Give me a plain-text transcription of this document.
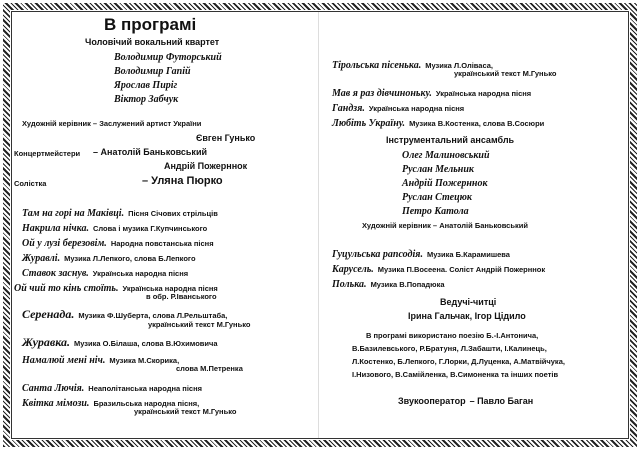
В програмі
Чоловічий вокальний квартет
Володимир Футорський
Володимир Гапій
Ярослав Пиріг
Віктор Забчук
Художній керівник – Заслужений артист України
Євген Гунько
Концертмейстери – Анатолій Баньковський
Андрій Пожерннок
Солістка	– Уляна Пюрко
Там на горі на Маківці. Пісня Січових стрільців
Накрила нічка. Слова і музика Г.Купчинського
Ой у лузі березовім. Народна повстанська пісня
Журавлі. Музика Л.Лепкого, слова Б.Лепкого
Ставок заснув. Українська народна пісня
Ой чий то кінь стоїть. Українська народна пісня
в обр. Р.Іванського
Серенада. Музика Ф.Шуберта, слова Л.Рельштаба,
український текст М.Гунько
Журавка. Музика О.Білаша, слова В.Юхимовича
Намалюй мені ніч. Музика М.Скорика,
слова М.Петренка
Санта Лючія. Неаполітанська народна пісня
Квітка мімози. Бразильська народна пісня,
український текст М.Гунько
Тірольська пісенька. Музика Л.Оліваса,
український текст М.Гунько
Мав я раз дівчиноньку. Українська народна пісня
Гандзя. Українська народна пісня
Любіть Україну. Музика В.Костенка, слова В.Сосюри
Інструментальний ансамбль
Олег Малиновський
Руслан Мельник
Андрій Пожерннок
Руслан Стецюк
Петро Катола
Художній керівник – Анатолій Баньковський
Гуцульська рапсодія. Музика Б.Карамишева
Карусель. Музика П.Восеена. Соліст Андрій Пожерннок
Полька. Музика В.Попадюка
Ведучі-читці
Ірина Гальчак, Ігор Цідило
В програмі використано поезію Б.-І.Антонича,
В.Базилевського, Р.Братуня, Л.Забашти, І.Калинець,
Л.Костенко, Б.Лепкого, Г.Лорки, Д.Луценка, А.Матвійчука,
І.Низового, В.Самійленка, В.Симоненка та інших поетів
Звукооператор – Павло Баган
